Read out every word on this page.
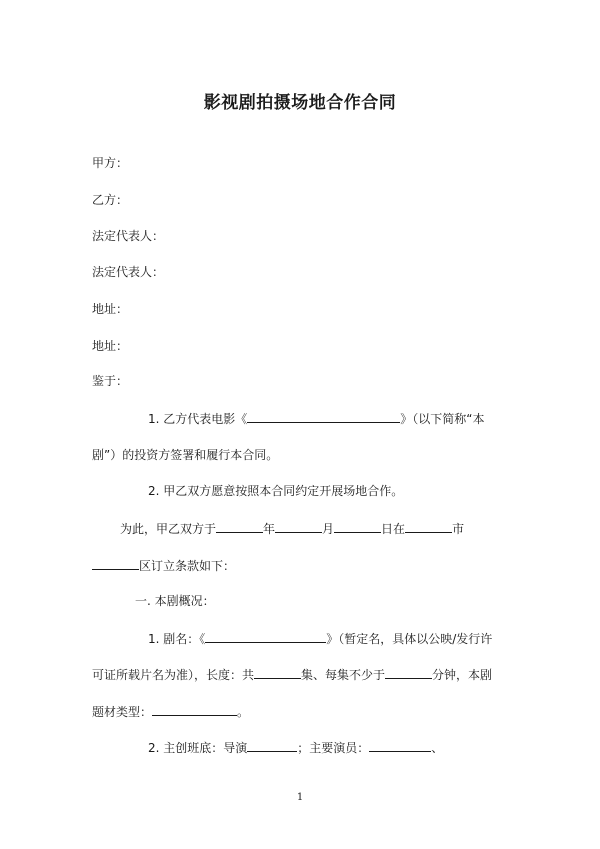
影视剧拍摄场地合作合同
甲方：
乙方：
法定代表人：
法定代表人：
地址：
地址：
鉴于：
1. 乙方代表电影《	》（以下简称“本
剧”）的投资方签署和履行本合同。
2. 甲乙双方愿意按照本合同约定开展场地合作。
为此，甲乙双方于	年	月	日在	市
区订立条款如下：
一. 本剧概况：
1. 剧名：《	》（暂定名，具体以公映/发行许
可证所载片名为准），长度：共	集、每集不少于	分钟，本剧
题材类型：	。
2. 主创班底：导演	；主要演员：	、
1
